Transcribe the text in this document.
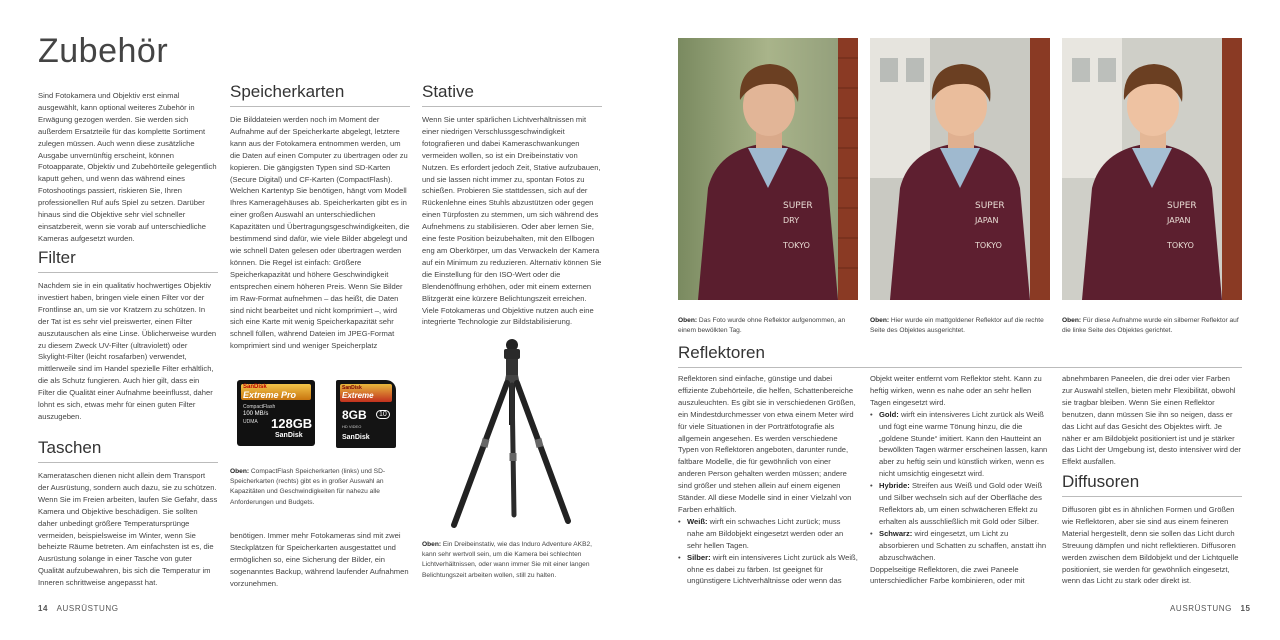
Zubehör
Sind Fotokamera und Objektiv erst einmal ausgewählt, kann optional weiteres Zubehör in Erwägung gezogen werden. Sie werden sich außerdem Ersatzteile für das komplette Sortiment zulegen müssen. Auch wenn diese zusätzliche Ausgabe unvernünftig erscheint, können Fotoapparate, Objektiv und Zubehörteile gelegentlich kaputt gehen, und wenn das während eines Fotoshootings passiert, riskieren Sie, Ihren professionellen Ruf aufs Spiel zu setzen. Darüber hinaus sind die Objektive sehr viel schneller einsatzbereit, wenn sie vorab auf unterschiedliche Kameras aufgesetzt wurden.
Filter
Nachdem sie in ein qualitativ hochwertiges Objektiv investiert haben, bringen viele einen Filter vor der Frontlinse an, um sie vor Kratzern zu schützen. In der Tat ist es sehr viel preiswerter, einen Filter auszutauschen als eine Linse. Üblicherweise wurden zu diesem Zweck UV-Filter (ultraviolett) oder Skylight-Filter (leicht rosafarben) verwendet, mittlerweile sind im Handel spezielle Filter erhältlich, die als Schutz fungieren. Auch hier gilt, dass ein Filter die Qualität einer Aufnahme beeinflusst, daher lohnt es sich, etwas mehr für einen guten Filter auszugeben.
Taschen
Kamerataschen dienen nicht allein dem Transport der Ausrüstung, sondern auch dazu, sie zu schützen. Wenn Sie im Freien arbeiten, laufen Sie Gefahr, dass Kamera und Objektive beschädigen. Sie sollten daher unbedingt größere Temperatursprünge vermeiden, beispielsweise im Winter, wenn Sie beheizte Räume betreten. Am einfachsten ist es, die Ausrüstung solange in einer Tasche von guter Qualität aufzubewahren, bis sich die Temperatur im Inneren schrittweise angepasst hat.
Speicherkarten
Die Bilddateien werden noch im Moment der Aufnahme auf der Speicherkarte abgelegt, letztere kann aus der Fotokamera entnommen werden, um die Daten auf einen Computer zu übertragen oder zu kopieren. Die gängigsten Typen sind SD-Karten (Secure Digital) und CF-Karten (CompactFlash). Welchen Kartentyp Sie benötigen, hängt vom Modell Ihres Kameragehäuses ab. Speicherkarten gibt es in einer großen Auswahl an unterschiedlichen Kapazitäten und Übertragungsgeschwindigkeiten, die bestimmend sind dafür, wie viele Bilder abgelegt und wie schnell Daten gelesen oder übertragen werden können. Die Regel ist einfach: Größere Speicherkapazität und höhere Geschwindigkeit entsprechen einem höheren Preis. Wenn Sie Bilder im Raw-Format aufnehmen – das heißt, die Daten sind nicht bearbeitet und nicht komprimiert –, wird sich eine Karte mit wenig Speicherkapazität sehr schnell füllen, während Dateien im JPEG-Format komprimiert sind und weniger Speicherplatz
SanDisk
Extreme Pro
CompactFlash
100 MB/s
UDMA 128GB
SanDisk
SanDisk
Extreme
8GB	10
HD VIDEO
SanDisk
Oben: CompactFlash Speicherkarten (links) und SD-Speicherkarten (rechts) gibt es in großer Auswahl an Kapazitäten und Geschwindigkeiten für nahezu alle Anforderungen und Budgets.
benötigen. Immer mehr Fotokameras sind mit zwei Steckplätzen für Speicherkarten ausgestattet und ermöglichen so, eine Sicherung der Bilder, ein sogenanntes Backup, während laufender Aufnahmen vorzunehmen.
Stative
Wenn Sie unter spärlichen Lichtverhältnissen mit einer niedrigen Verschlussgeschwindigkeit fotografieren und dabei Kameraschwankungen vermeiden wollen, so ist ein Dreibeinstativ von Nutzen. Es erfordert jedoch Zeit, Stative aufzubauen, und sie lassen nicht immer zu, spontan Fotos zu schießen. Probieren Sie stattdessen, sich auf der Rückenlehne eines Stuhls abzustützen oder gegen einen Türpfosten zu stemmen, um sich während des Aufnehmens zu stabilisieren. Oder aber lernen Sie, eine feste Position beizubehalten, mit den Ellbogen eng am Oberkörper, um das Verwackeln der Kamera auf ein Minimum zu reduzieren. Alternativ können Sie die Einstellung für den ISO-Wert oder die Blendenöffnung erhöhen, oder mit einem externen Blitzgerät eine kürzere Belichtungszeit erreichen. Viele Fotokameras und Objektive nutzen auch eine integrierte Technologie zur Bildstabilisierung.
Oben: Ein Dreibeinstativ, wie das Induro Adventure AKB2, kann sehr wertvoll sein, um die Kamera bei schlechten Lichtverhältnissen, oder wann immer Sie mit einer langen Belichtungszeit arbeiten wollen, still zu halten.
14 AUSRÜSTUNG
SUPER
DRY
TOKYO
SUPER
JAPAN
TOKYO
SUPER
JAPAN
TOKYO
Oben: Das Foto wurde ohne Reflektor aufgenommen, an einem bewölkten Tag.
Oben: Hier wurde ein mattgoldener Reflektor auf die rechte Seite des Objektes ausgerichtet.
Oben: Für diese Aufnahme wurde ein silberner Reflektor auf die linke Seite des Objektes gerichtet.
Reflektoren
Reflektoren sind einfache, günstige und dabei effiziente Zubehörteile, die helfen, Schattenbereiche auszuleuchten. Es gibt sie in verschiedenen Größen, ein Mindestdurchmesser von etwa einem Meter wird für viele Situationen in der Porträtfotografie als allgemein angesehen. Es werden verschiedene Typen von Reflektoren angeboten, darunter runde, faltbare Modelle, die für gewöhnlich von einer anderen Person gehalten werden müssen; andere sind größer und stehen allein auf einem eigenen Ständer. All diese Modelle sind in einer Vielzahl von Farben erhältlich.
• Weiß: wirft ein schwaches Licht zurück; muss nahe am Bildobjekt eingesetzt werden oder an sehr hellen Tagen.
• Silber: wirft ein intensiveres Licht zurück als Weiß, ohne es dabei zu färben. Ist geeignet für ungünstigere Lichtverhältnisse oder wenn das
Objekt weiter entfernt vom Reflektor steht. Kann zu heftig wirken, wenn es nahe oder an sehr hellen Tagen eingesetzt wird.
• Gold: wirft ein intensiveres Licht zurück als Weiß und fügt eine warme Tönung hinzu, die die „goldene Stunde“ imitiert. Kann den Hautteint an bewölkten Tagen wärmer erscheinen lassen, kann aber zu heftig sein und künstlich wirken, wenn es nicht umsichtig eingesetzt wird.
• Hybride: Streifen aus Weiß und Gold oder Weiß und Silber wechseln sich auf der Oberfläche des Reflektors ab, um einen schwächeren Effekt zu erhalten als ausschließlich mit Gold oder Silber.
• Schwarz: wird eingesetzt, um Licht zu absorbieren und Schatten zu schaffen, anstatt ihn abzuschwächen.
Doppelseitige Reflektoren, die zwei Paneele unterschiedlicher Farbe kombinieren, oder mit
abnehmbaren Paneelen, die drei oder vier Farben zur Auswahl stellen, bieten mehr Flexibilität, obwohl sie tragbar bleiben. Wenn Sie einen Reflektor benutzen, dann müssen Sie ihn so neigen, dass er das Licht auf das Gesicht des Objektes wirft. Je näher er am Bildobjekt positioniert ist und je stärker das Licht der Umgebung ist, desto intensiver wird der Effekt ausfallen.
Diffusoren
Diffusoren gibt es in ähnlichen Formen und Größen wie Reflektoren, aber sie sind aus einem feineren Material hergestellt, denn sie sollen das Licht durch Streuung dämpfen und nicht reflektieren. Diffusoren werden zwischen dem Bildobjekt und der Lichtquelle positioniert, sie werden für gewöhnlich eingesetzt, wenn das Licht zu stark oder direkt ist.
AUSRÜSTUNG 15
